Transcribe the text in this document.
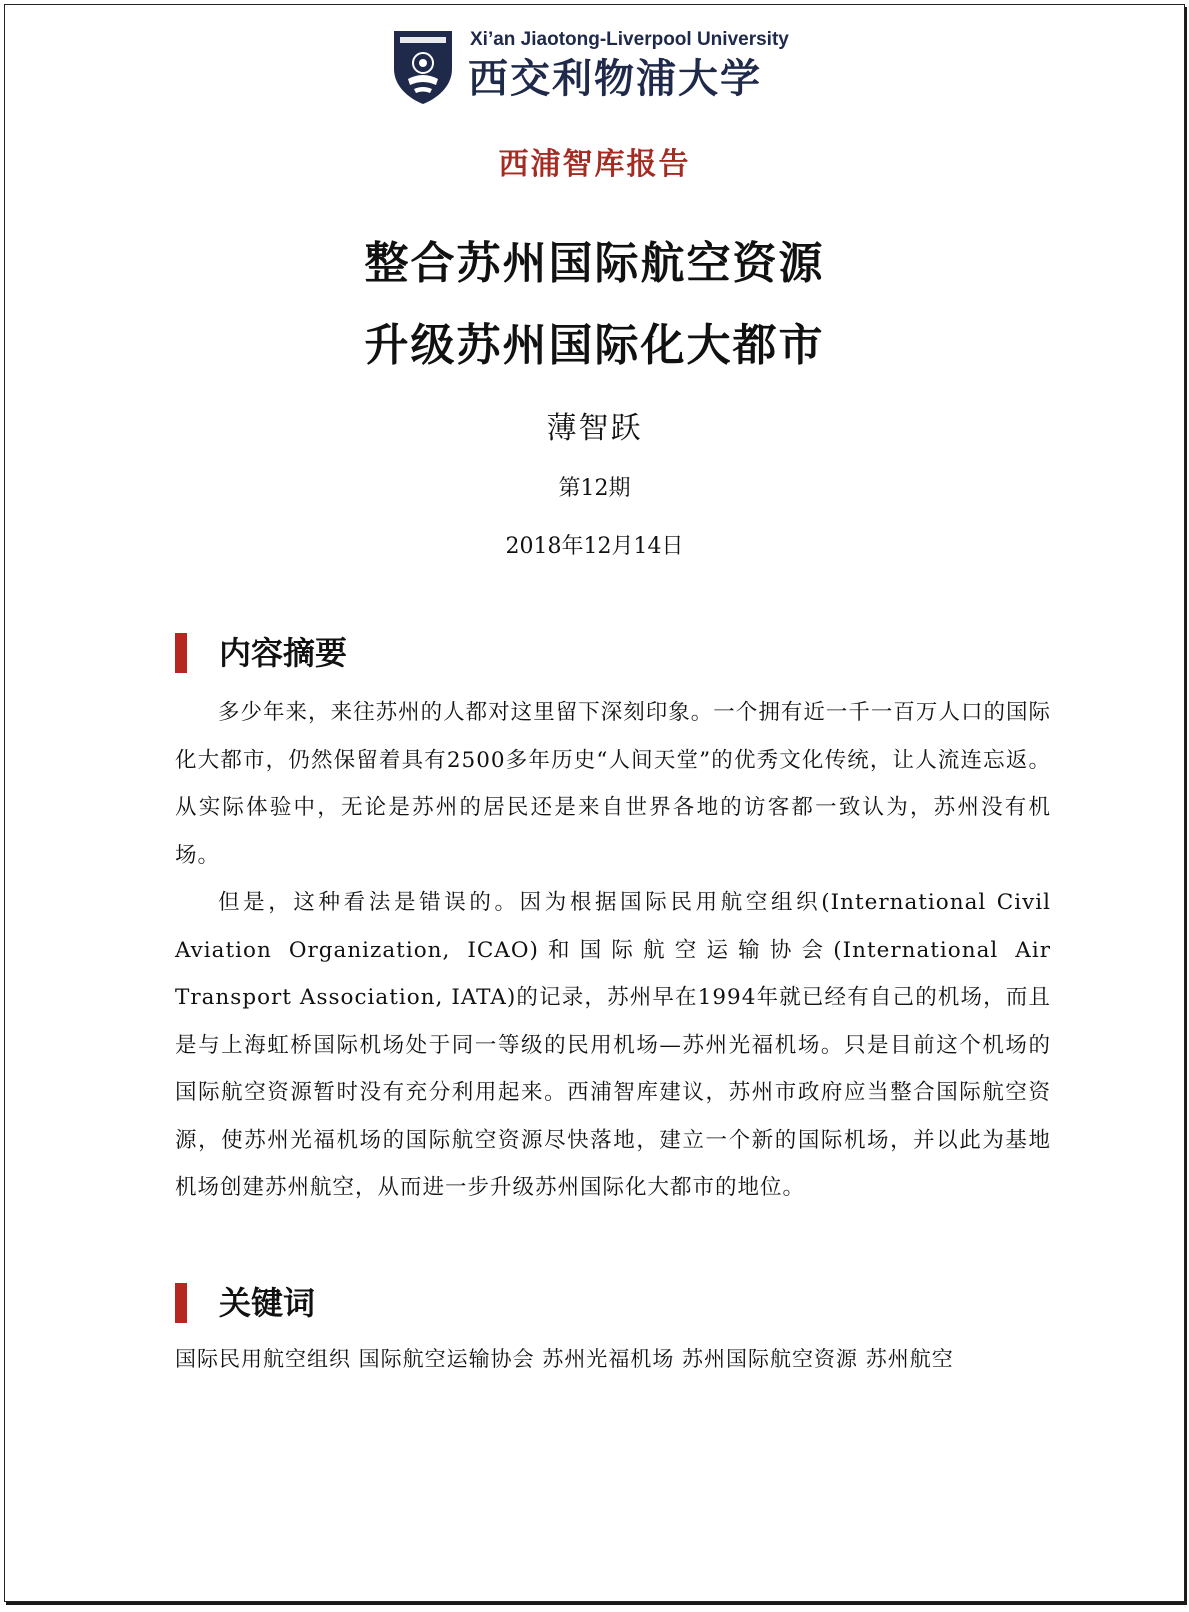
Xi’an Jiaotong-Liverpool University
西交利物浦大学
西浦智库报告
整合苏州国际航空资源
升级苏州国际化大都市
薄智跃
第12期
2018年12月14日
内容摘要

多少年来，来往苏州的人都对这里留下深刻印象。一个拥有近一千一百万人口的国际化大都市，仍然保留着具有2500多年历史“人间天堂”的优秀文化传统，让人流连忘返。从实际体验中，无论是苏州的居民还是来自世界各地的访客都一致认为，苏州没有机场。

但是，这种看法是错误的。因为根据国际民用航空组织(International Civil Aviation Organization, ICAO)和国际航空运输协会(International Air Transport Association, IATA)的记录，苏州早在1994年就已经有自己的机场，而且是与上海虹桥国际机场处于同一等级的民用机场—苏州光福机场。只是目前这个机场的国际航空资源暂时没有充分利用起来。西浦智库建议，苏州市政府应当整合国际航空资源，使苏州光福机场的国际航空资源尽快落地，建立一个新的国际机场，并以此为基地机场创建苏州航空，从而进一步升级苏州国际化大都市的地位。

关键词
国际民用航空组织 国际航空运输协会 苏州光福机场 苏州国际航空资源 苏州航空
